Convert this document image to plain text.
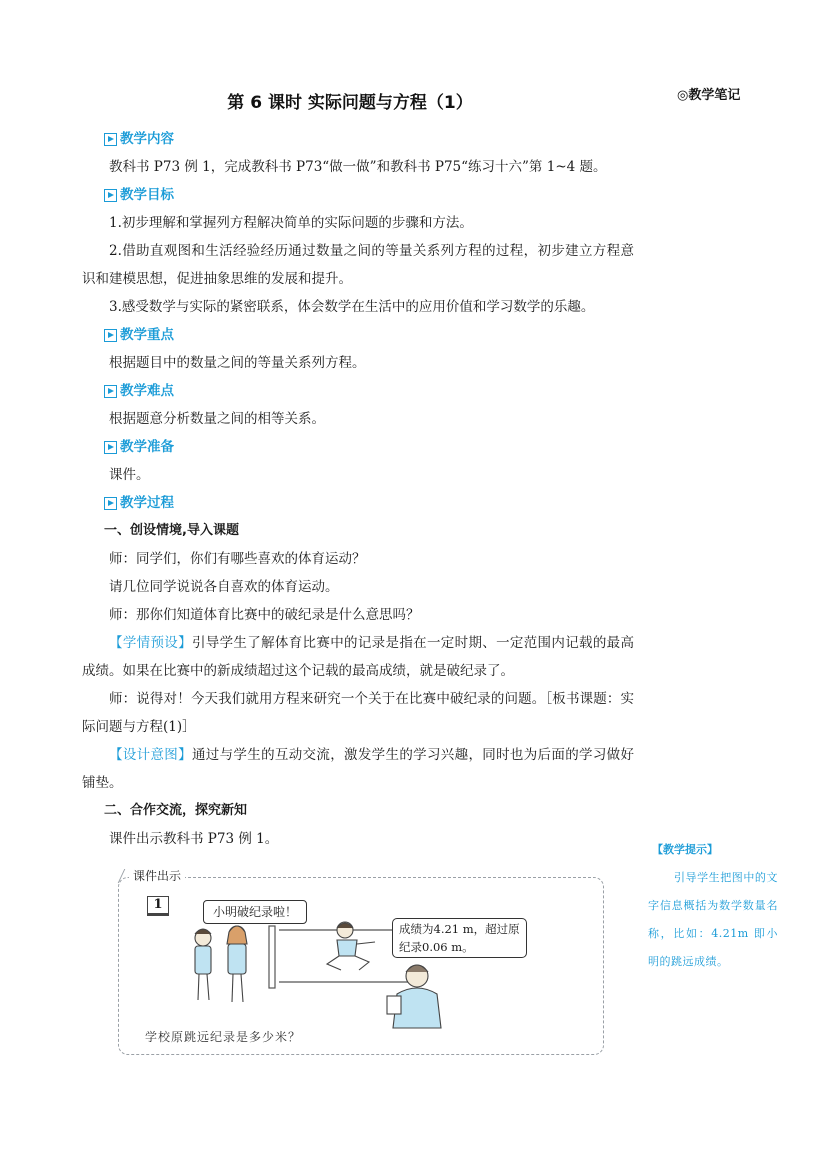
第 6 课时 实际问题与方程（1）	◎教学笔记
教学内容
教科书 P73 例 1，完成教科书 P73“做一做”和教科书 P75“练习十六”第 1~4 题。
教学目标
1.初步理解和掌握列方程解决简单的实际问题的步骤和方法。
2.借助直观图和生活经验经历通过数量之间的等量关系列方程的过程，初步建立方程意识和建模思想，促进抽象思维的发展和提升。
3.感受数学与实际的紧密联系，体会数学在生活中的应用价值和学习数学的乐趣。
教学重点
根据题目中的数量之间的等量关系列方程。
教学难点
根据题意分析数量之间的相等关系。
教学准备
课件。
教学过程
一、创设情境,导入课题
师：同学们，你们有哪些喜欢的体育运动？
请几位同学说说各自喜欢的体育运动。
师：那你们知道体育比赛中的破纪录是什么意思吗？
【学情预设】引导学生了解体育比赛中的记录是指在一定时期、一定范围内记载的最高成绩。如果在比赛中的新成绩超过这个记载的最高成绩，就是破纪录了。
师：说得对！今天我们就用方程来研究一个关于在比赛中破纪录的问题。［板书课题：实际问题与方程(1)］
【设计意图】通过与学生的互动交流，激发学生的学习兴趣，同时也为后面的学习做好铺垫。
二、合作交流，探究新知
课件出示教科书 P73 例 1。
【教学提示】
引导学生把图中的文字信息概括为数学数量名称，比如：4.21m 即小明的跳远成绩。
课件出示
1	小明破纪录啦！
成绩为4.21 m，超过原纪录0.06 m。
学校原跳远纪录是多少米？
